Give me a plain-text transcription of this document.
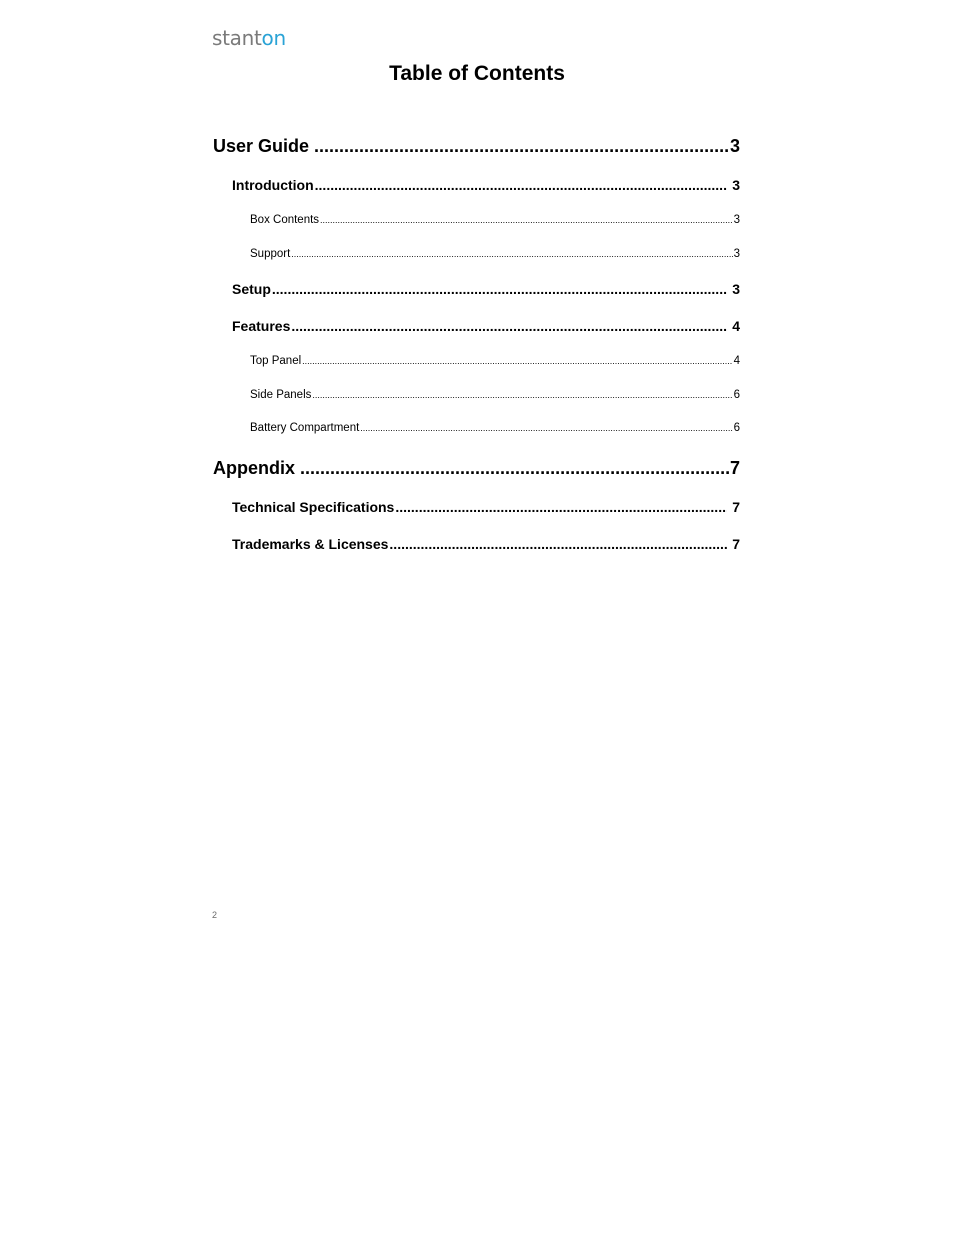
stant on
Table of Contents
User Guide .....	3
Introduction .....	3
Box Contents .....	3
Support .....	3
Setup .....	3
Features .....	4
Top Panel .....	4
Side Panels .....	6
Battery Compartment .....	6
Appendix .....	7
Technical Specifications .....	7
Trademarks & Licenses .....	7
2
